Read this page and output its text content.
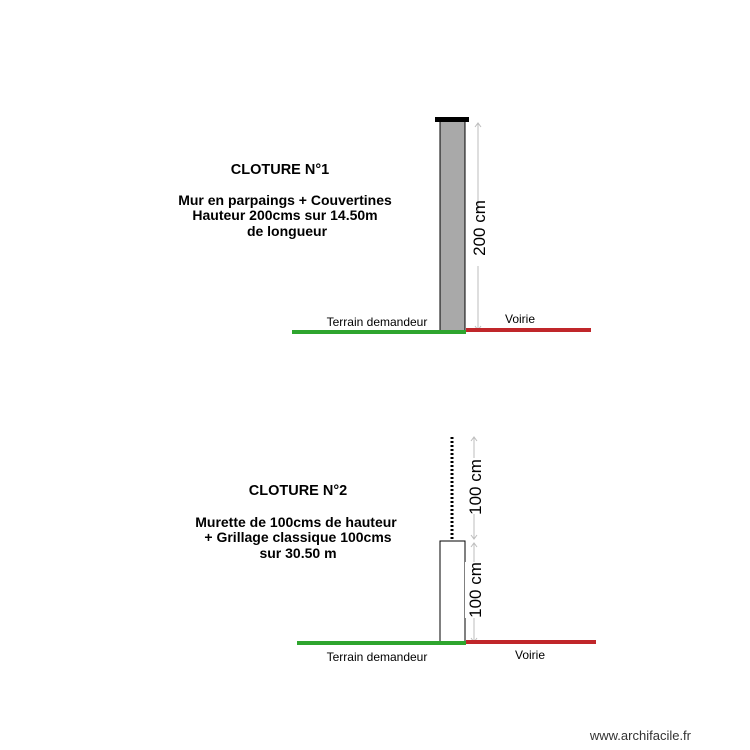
CLOTURE N°1
Mur en parpaings + Couvertines
Hauteur 200cms sur 14.50m
de longueur	200 cm
Terrain demandeur	Voirie
CLOTURE N°2
Murette de 100cms de hauteur
+ Grillage classique 100cms
sur 30.50 m
100 cm
100 cm
Terrain demandeur	Voirie
www.archifacile.fr
